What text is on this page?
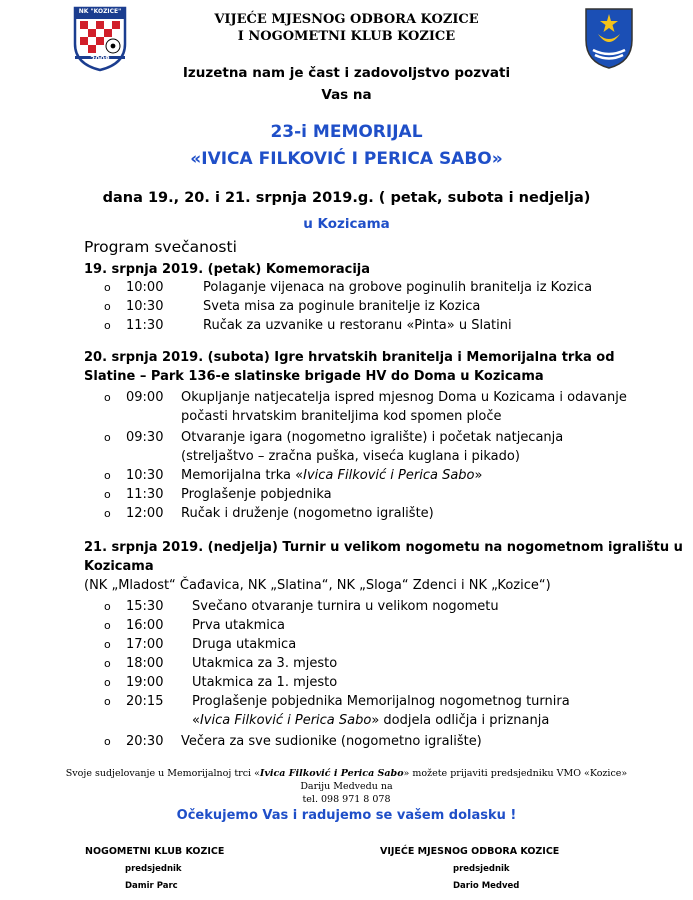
NK "KOZICE"
2008
VIJEĆE MJESNOG ODBORA KOZICE
I NOGOMETNI KLUB KOZICE
Izuzetna nam je čast i zadovoljstvo pozvati
Vas na
23-i MEMORIJAL
«IVICA FILKOVIĆ I PERICA SABO»
dana 19., 20. i 21. srpnja 2019.g. ( petak, subota i nedjelja)
u Kozicama
Program svečanosti
19. srpnja 2019. (petak) Komemoracija
o 10:00	Polaganje vijenaca na grobove poginulih branitelja iz Kozica
o 10:30	Sveta misa za poginule branitelje iz Kozica
o 11:30	Ručak za uzvanike u restoranu «Pinta» u Slatini
20. srpnja 2019. (subota) Igre hrvatskih branitelja i Memorijalna trka od
Slatine – Park 136-e slatinske brigade HV do Doma u Kozicama
o 09:00 Okupljanje natjecatelja ispred mjesnog Doma u Kozicama i odavanje
počasti hrvatskim braniteljima kod spomen ploče
o 09:30 Otvaranje igara (nogometno igralište) i početak natjecanja
(streljaštvo – zračna puška, viseća kuglana i pikado)
o 10:30 Memorijalna trka «Ivica Filković i Perica Sabo»
o 11:30 Proglašenje pobjednika
o 12:00 Ručak i druženje (nogometno igralište)
21. srpnja 2019. (nedjelja) Turnir u velikom nogometu na nogometnom igralištu u
Kozicama
(NK „Mladost“ Čađavica, NK „Slatina“, NK „Sloga“ Zdenci i NK „Kozice“)
o 15:30 Svečano otvaranje turnira u velikom nogometu
o 16:00 Prva utakmica
o 17:00 Druga utakmica
o 18:00 Utakmica za 3. mjesto
o 19:00 Utakmica za 1. mjesto
o 20:15 Proglašenje pobjednika Memorijalnog nogometnog turnira
«Ivica Filković i Perica Sabo» dodjela odličja i priznanja
o 20:30 Večera za sve sudionike (nogometno igralište)
Svoje sudjelovanje u Memorijalnoj trci «Ivica Filković i Perica Sabo» možete prijaviti predsjedniku VMO «Kozice»
Dariju Medvedu na
tel. 098 971 8 078
Očekujemo Vas i radujemo se vašem dolasku !
NOGOMETNI KLUB KOZICE
predsjednik
Damir Parc
VIJEĆE MJESNOG ODBORA KOZICE
predsjednik
Dario Medved
